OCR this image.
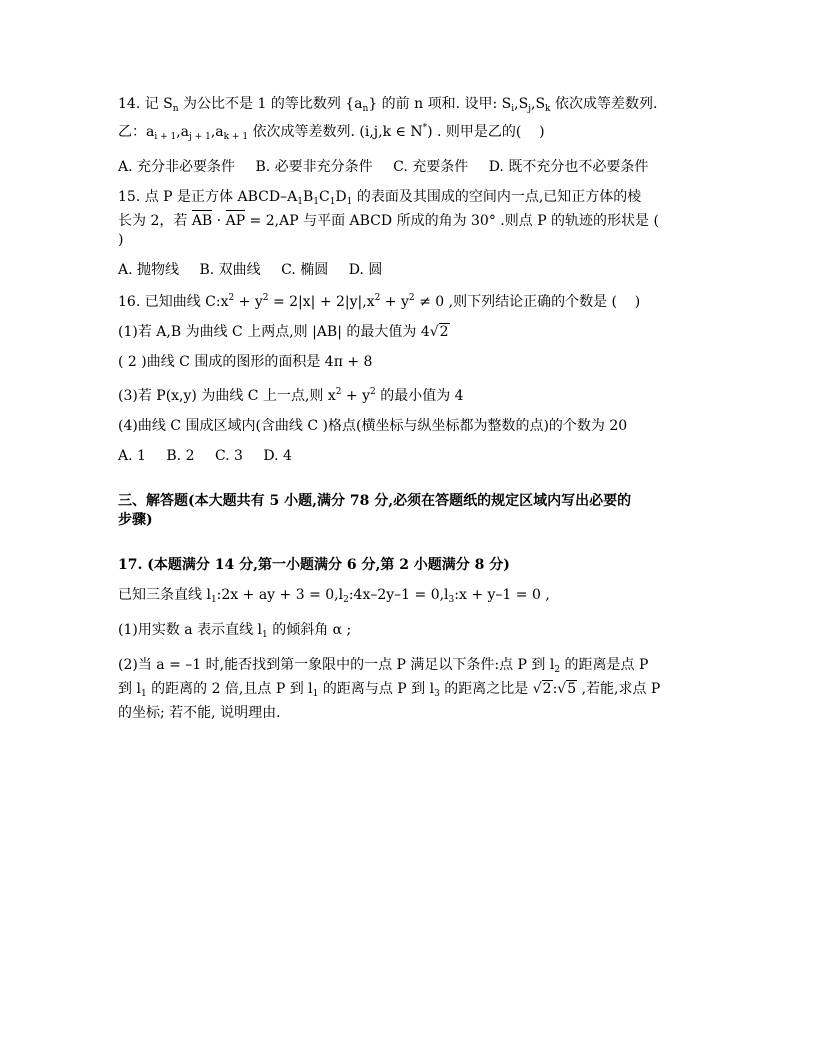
14. 记 $S_n$ 为公比不是 1 的等比数列 $\{a_n\}$ 的前 n 项和. 设甲: $S_i,S_j,S_k$ 依次成等差数列.
乙：$a_{i + 1},a_{j + 1},a_{k + 1}$ 依次成等差数列. (i,j,k ∈ N*) . 则甲是乙的(    )
A. 充分非必要条件 B. 必要非充分条件 C. 充要条件 D. 既不充分也不必要条件
15. 点 P 是正方体 ABCD–$A_1B_1C_1D_1$ 的表面及其围成的空间内一点,已知正方体的棱
长为 2，若 AB · AP = 2,AP 与平面 ABCD 所成的角为 30° .则点 P 的轨迹的形状是 (
)
A. 抛物线 B. 双曲线 C. 椭圆 D. 圆
16. 已知曲线 $C:x^2 + y^2 = 2|x| + 2|y|,x^2 + y^2 \ne 0$ ,则下列结论正确的个数是 (    )
(1)若 A,B 为曲线 C 上两点,则 |AB| 的最大值为 4√2
( 2 )曲线 C 围成的图形的面积是 4π + 8
(3)若 P(x,y) 为曲线 C 上一点,则 $x^2 + y^2$ 的最小值为 4
(4)曲线 C 围成区域内(含曲线 C )格点(横坐标与纵坐标都为整数的点)的个数为 20
A. 1 B. 2 C. 3 D. 4
三、解答题(本大题共有 5 小题,满分 78 分,必须在答题纸的规定区域内写出必要的
步骤)
17. (本题满分 14 分,第一小题满分 6 分,第 2 小题满分 8 分)
已知三条直线 $l_1:2x$ + ay + $3 = 0,l_2:4x-2y-1$ = $0,l_3:x + y-1 = 0$ ,
(1)用实数 a 表示直线 $l_1$ 的倾斜角 α ;
(2)当 a = –1 时,能否找到第一象限中的一点 P 满足以下条件:点 P 到 $l_2$ 的距离是点 P
到 $l_1$ 的距离的 2 倍,且点 P 到 $l_1$ 的距离与点 P 到 $l_3$ 的距离之比是 √2:√5 ,若能,求点 P
的坐标; 若不能, 说明理由.
